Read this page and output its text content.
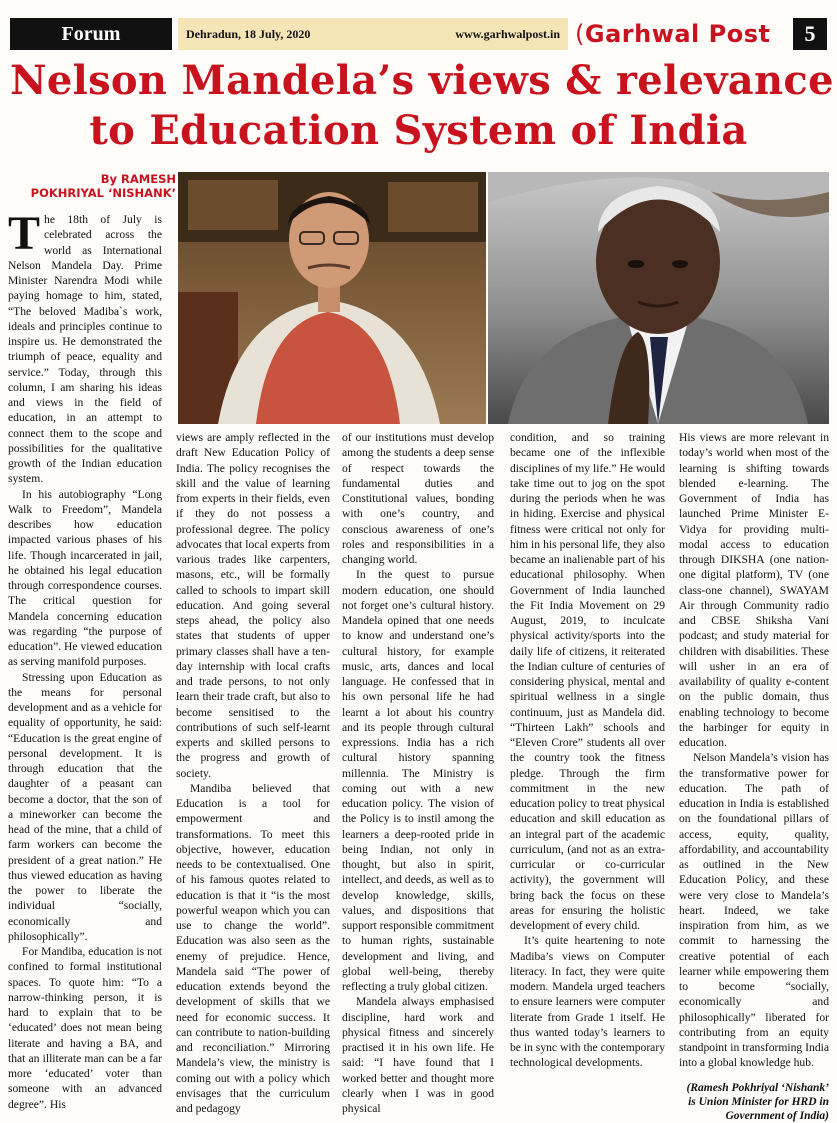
Forum	Dehradun, 18 July, 2020	www.garhwalpost.in (Garhwal Post	5
Nelson Mandela’s views & relevance
to Education System of India
By RAMESH
POKHRIYAL ‘NISHANK’

The 18th of July is celebrated across the world as International Nelson Mandela Day. Prime Minister Narendra Modi while paying homage to him, stated, “The beloved Madiba`s work, ideals and principles continue to inspire us. He demonstrated the triumph of peace, equality and service.” Today, through this column, I am sharing his ideas and views in the field of education, in an attempt to connect them to the scope and possibilities for the qualitative growth of the Indian education system.

In his autobiography “Long Walk to Freedom”, Mandela describes how education impacted various phases of his life. Though incarcerated in jail, he obtained his legal education through correspondence courses. The critical question for Mandela concerning education was regarding “the purpose of education”. He viewed education as serving manifold purposes.

Stressing upon Education as the means for personal development and as a vehicle for equality of opportunity, he said: “Education is the great engine of personal development. It is through education that the daughter of a peasant can become a doctor, that the son of a mineworker can become the head of the mine, that a child of farm workers can become the president of a great nation.” He thus viewed education as having the power to liberate the individual “socially, economically and philosophically”.

For Mandiba, education is not confined to formal institutional spaces. To quote him: “To a narrow-thinking person, it is hard to explain that to be ‘educated’ does not mean being literate and having a BA, and that an illiterate man can be a far more ‘educated’ voter than someone with an advanced degree”. His

views are amply reflected in the draft New Education Policy of India. The policy recognises the skill and the value of learning from experts in their fields, even if they do not possess a professional degree. The policy advocates that local experts from various trades like carpenters, masons, etc., will be formally called to schools to impart skill education. And going several steps ahead, the policy also states that students of upper primary classes shall have a ten-day internship with local crafts and trade persons, to not only learn their trade craft, but also to become sensitised to the contributions of such self-learnt experts and skilled persons to the progress and growth of society.

Mandiba believed that Education is a tool for empowerment and transformations. To meet this objective, however, education needs to be contextualised. One of his famous quotes related to education is that it “is the most powerful weapon which you can use to change the world”. Education was also seen as the enemy of prejudice. Hence, Mandela said “The power of education extends beyond the development of skills that we need for economic success. It can contribute to nation-building and reconciliation.” Mirroring Mandela’s view, the ministry is coming out with a policy which envisages that the curriculum and pedagogy

of our institutions must develop among the students a deep sense of respect towards the fundamental duties and Constitutional values, bonding with one’s country, and conscious awareness of one’s roles and responsibilities in a changing world.

In the quest to pursue modern education, one should not forget one’s cultural history. Mandela opined that one needs to know and understand one’s cultural history, for example music, arts, dances and local language. He confessed that in his own personal life he had learnt a lot about his country and its people through cultural expressions. India has a rich cultural history spanning millennia. The Ministry is coming out with a new education policy. The vision of the Policy is to instil among the learners a deep-rooted pride in being Indian, not only in thought, but also in spirit, intellect, and deeds, as well as to develop knowledge, skills, values, and dispositions that support responsible commitment to human rights, sustainable development and living, and global well-being, thereby reflecting a truly global citizen.

Mandela always emphasised discipline, hard work and physical fitness and sincerely practised it in his own life. He said: “I have found that I worked better and thought more clearly when I was in good physical

condition, and so training became one of the inflexible disciplines of my life.” He would take time out to jog on the spot during the periods when he was in hiding. Exercise and physical fitness were critical not only for him in his personal life, they also became an inalienable part of his educational philosophy. When Government of India launched the Fit India Movement on 29 August, 2019, to inculcate physical activity/sports into the daily life of citizens, it reiterated the Indian culture of centuries of considering physical, mental and spiritual wellness in a single continuum, just as Mandela did. “Thirteen Lakh” schools and “Eleven Crore” students all over the country took the fitness pledge. Through the firm commitment in the new education policy to treat physical education and skill education as an integral part of the academic curriculum, (and not as an extra-curricular or co-curricular activity), the government will bring back the focus on these areas for ensuring the holistic development of every child.

It’s quite heartening to note Madiba’s views on Computer literacy. In fact, they were quite modern. Mandela urged teachers to ensure learners were computer literate from Grade 1 itself. He thus wanted today’s learners to be in sync with the contemporary technological developments.

His views are more relevant in today’s world when most of the learning is shifting towards blended e-learning. The Government of India has launched Prime Minister E-Vidya for providing multi-modal access to education through DIKSHA (one nation-one digital platform), TV (one class-one channel), SWAYAM Air through Community radio and CBSE Shiksha Vani podcast; and study material for children with disabilities. These will usher in an era of availability of quality e-content on the public domain, thus enabling technology to become the harbinger for equity in education.

Nelson Mandela’s vision has the transformative power for education. The path of education in India is established on the foundational pillars of access, equity, quality, affordability, and accountability as outlined in the New Education Policy, and these were very close to Mandela’s heart. Indeed, we take inspiration from him, as we commit to harnessing the creative potential of each learner while empowering them to become “socially, economically and philosophically” liberated for contributing from an equity standpoint in transforming India into a global knowledge hub.

(Ramesh Pokhriyal ‘Nishank’ is Union Minister for HRD in Government of India)
